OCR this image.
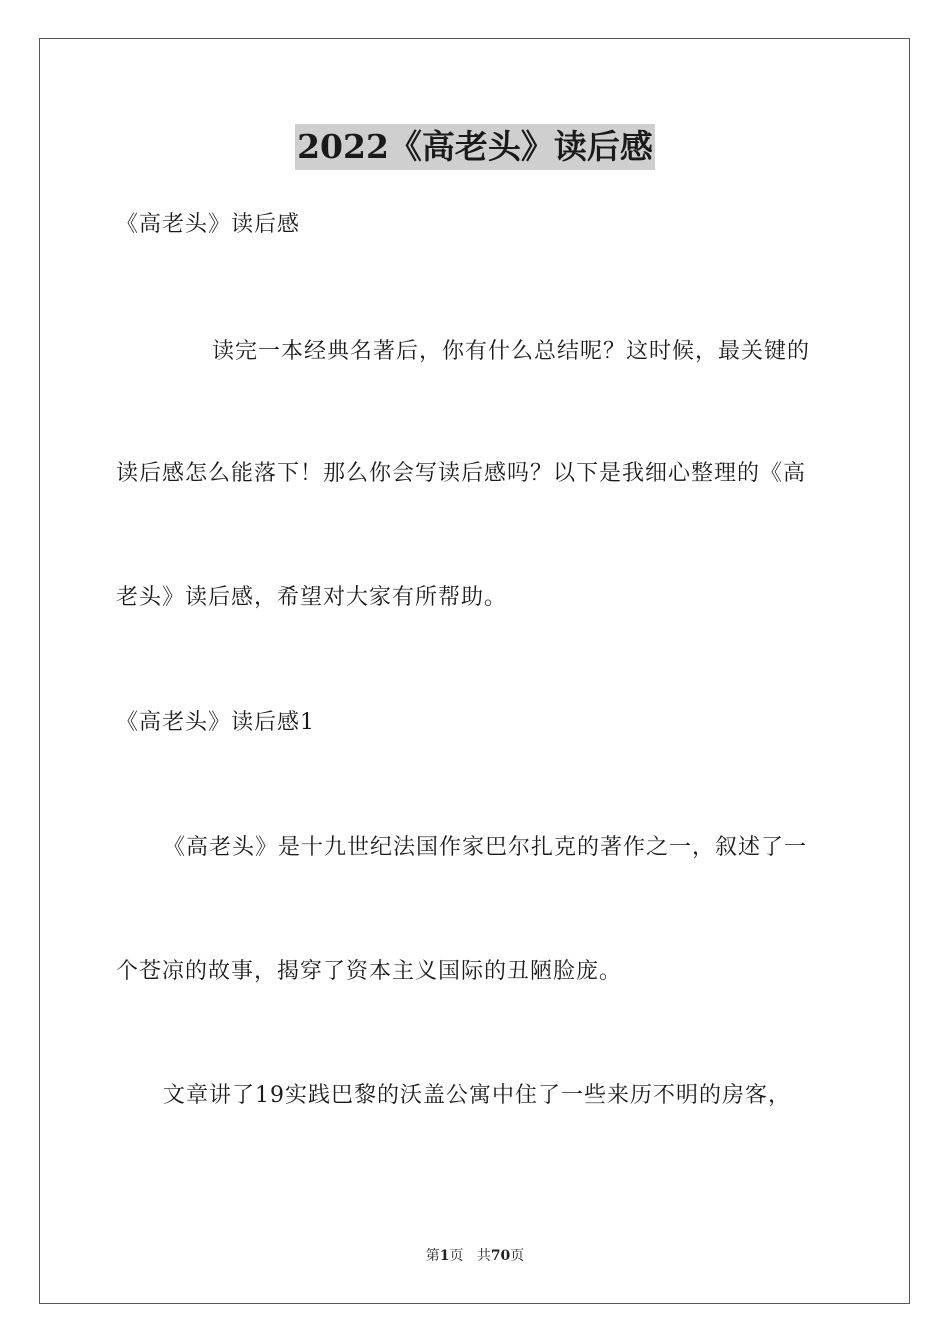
2022《高老头》读后感
《高老头》读后感
读完一本经典名著后，你有什么总结呢？这时候，最关键的
读后感怎么能落下！那么你会写读后感吗？以下是我细心整理的《高
老头》读后感，希望对大家有所帮助。
《高老头》读后感1
《高老头》是十九世纪法国作家巴尔扎克的著作之一，叙述了一
个苍凉的故事，揭穿了资本主义国际的丑陋脸庞。
文章讲了19实践巴黎的沃盖公寓中住了一些来历不明的房客，
第1页 共70页
